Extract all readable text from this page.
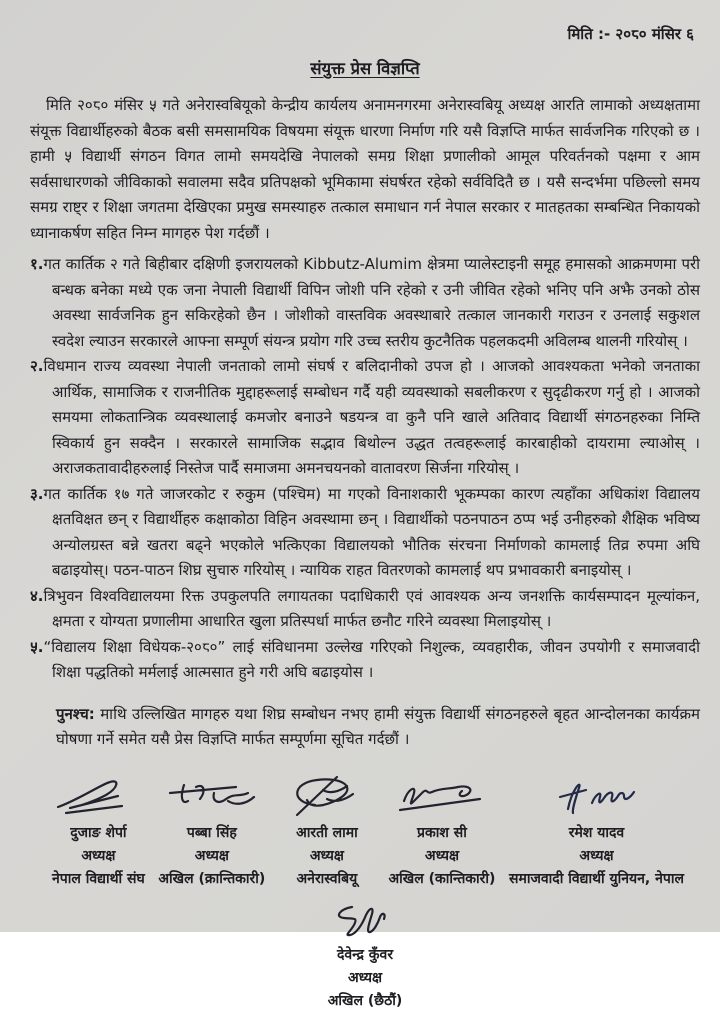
मिति :- २०८० मंसिर ६
संयुक्त प्रेस विज्ञप्ति

मिति २०८० मंसिर ५ गते अनेरास्वबियूको केन्द्रीय कार्यलय अनामनगरमा अनेरास्वबियू अध्यक्ष आरति लामाको अध्यक्षतामा संयूक्त विद्यार्थीहरुको बैठक बसी समसामयिक विषयमा संयूक्त धारणा निर्माण गरि यसै विज्ञप्ति मार्फत सार्वजनिक गरिएको छ । हामी ५ विद्यार्थी संगठन विगत लामो समयदेखि नेपालको समग्र शिक्षा प्रणालीको आमूल परिवर्तनको पक्षमा र आम सर्वसाधारणको जीविकाको सवालमा सदैव प्रतिपक्षको भूमिकामा संघर्षरत रहेको सर्वविदितै छ । यसै सन्दर्भमा पछिल्लो समय समग्र राष्ट्र र शिक्षा जगतमा देखिएका प्रमुख समस्याहरु तत्काल समाधान गर्न नेपाल सरकार र मातहतका सम्बन्धित निकायको ध्यानाकर्षण सहित निम्न मागहरु पेश गर्दछौं ।

१.गत कार्तिक २ गते बिहीबार दक्षिणी इजरायलको Kibbutz-Alumim क्षेत्रमा प्यालेस्टाइनी समूह हमासको आक्रमणमा परी बन्धक बनेका मध्ये एक जना नेपाली विद्यार्थी विपिन जोशी पनि रहेको र उनी जीवित रहेको भनिए पनि अझै उनको ठोस अवस्था सार्वजनिक हुन सकिरहेको छैन । जोशीको वास्तविक अवस्थाबारे तत्काल जानकारी गराउन र उनलाई सकुशल स्वदेश ल्याउन सरकारले आफ्ना सम्पूर्ण संयन्त्र प्रयोग गरि उच्च स्तरीय कुटनैतिक पहलकदमी अविलम्ब थालनी गरियोस् ।

२.विधमान राज्य व्यवस्था नेपाली जनताको लामो संघर्ष र बलिदानीको उपज हो । आजको आवश्यकता भनेको जनताका आर्थिक, सामाजिक र राजनीतिक मुद्दाहरूलाई सम्बोधन गर्दै यही व्यवस्थाको सबलीकरण र सुदृढीकरण गर्नु हो । आजको समयमा लोकतान्त्रिक व्यवस्थालाई कमजोर बनाउने षडयन्त्र वा कुनै पनि खाले अतिवाद विद्यार्थी संगठनहरुका निम्ति स्विकार्य हुन सक्दैन । सरकारले सामाजिक सद्भाव बिथोल्न उद्धत तत्वहरूलाई कारबाहीको दायरामा ल्याओस् । अराजकतावादीहरुलाई निस्तेज पार्दै समाजमा अमनचयनको वातावरण सिर्जना गरियोस् ।

३.गत कार्तिक १७ गते जाजरकोट र रुकुम (पश्चिम) मा गएको विनाशकारी भूकम्पका कारण त्यहाँका अधिकांश विद्यालय क्षतविक्षत छन् र विद्यार्थीहरु कक्षाकोठा विहिन अवस्थामा छन् । विद्यार्थीको पठनपाठन ठप्प भई उनीहरुको शैक्षिक भविष्य अन्योलग्रस्त बन्ने खतरा बढ्ने भएकोले भत्किएका विद्यालयको भौतिक संरचना निर्माणको कामलाई तिव्र रुपमा अघि बढाइयोस्। पठन-पाठन शिघ्र सुचारु गरियोस् । न्यायिक राहत वितरणको कामलाई थप प्रभावकारी बनाइयोस् ।

४.त्रिभुवन विश्वविद्यालयमा रिक्त उपकुलपति लगायतका पदाधिकारी एवं आवश्यक अन्य जनशक्ति कार्यसम्पादन मूल्यांकन, क्षमता र योग्यता प्रणालीमा आधारित खुला प्रतिस्पर्धा मार्फत छनौट गरिने व्यवस्था मिलाइयोस् ।

५.“विद्यालय शिक्षा विधेयक-२०८०” लाई संविधानमा उल्लेख गरिएको निशुल्क, व्यवहारीक, जीवन उपयोगी र समाजवादी शिक्षा पद्धतिको मर्मलाई आत्मसात हुने गरी अघि बढाइयोस ।

पुनश्च: माथि उल्लिखित मागहरु यथा शिघ्र सम्बोधन नभए हामी संयुक्त विद्यार्थी संगठनहरुले बृहत आन्दोलनका कार्यक्रम घोषणा गर्ने समेत यसै प्रेस विज्ञप्ति मार्फत सम्पूर्णमा सूचित गर्दछौं ।

दुजाङ शेर्पा
अध्यक्ष
नेपाल विद्यार्थी संघ
पब्बा सिंह
अध्यक्ष
अखिल (क्रान्तिकारी)
आरती लामा
अध्यक्ष
अनेरास्वबियू
प्रकाश सी
अध्यक्ष
अखिल (कान्तिकारी)
रमेश यादव
अध्यक्ष
समाजवादी विद्यार्थी युनियन, नेपाल
देवेन्द्र कुँवर
अध्यक्ष
अखिल (छैठौं)
